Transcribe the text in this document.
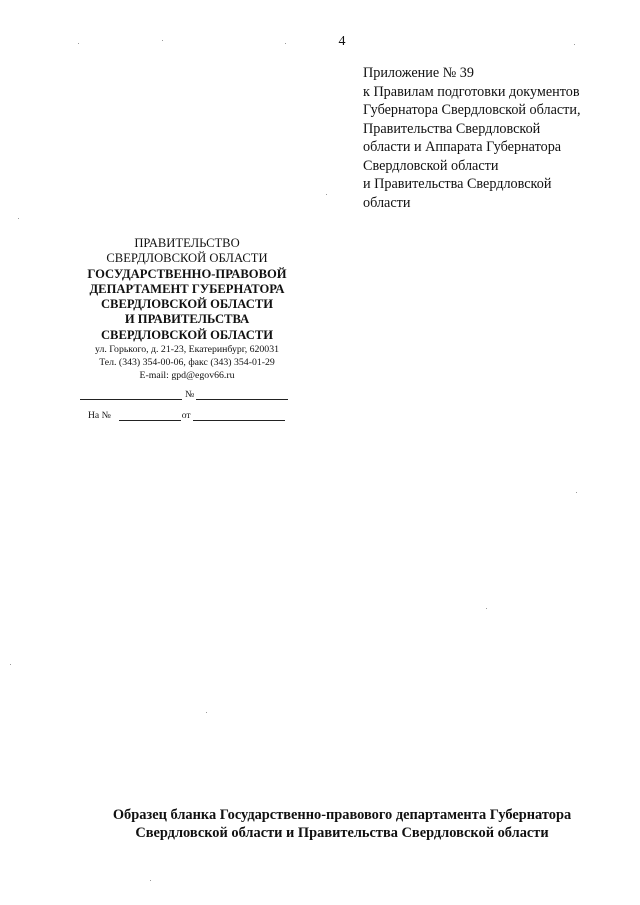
4
Приложение № 39
к Правилам подготовки документов
Губернатора Свердловской области,
Правительства Свердловской
области и Аппарата Губернатора
Свердловской области
и Правительства Свердловской
области
ПРАВИТЕЛЬСТВО
СВЕРДЛОВСКОЙ ОБЛАСТИ
ГОСУДАРСТВЕННО-ПРАВОВОЙ
ДЕПАРТАМЕНТ ГУБЕРНАТОРА
СВЕРДЛОВСКОЙ ОБЛАСТИ
И ПРАВИТЕЛЬСТВА
СВЕРДЛОВСКОЙ ОБЛАСТИ
ул. Горького, д. 21-23, Екатеринбург, 620031
Тел. (343) 354-00-06, факс (343) 354-01-29
E-mail: gpd@egov66.ru
№
На №	от
Образец бланка Государственно-правового департамента Губернатора
Свердловской области и Правительства Свердловской области
